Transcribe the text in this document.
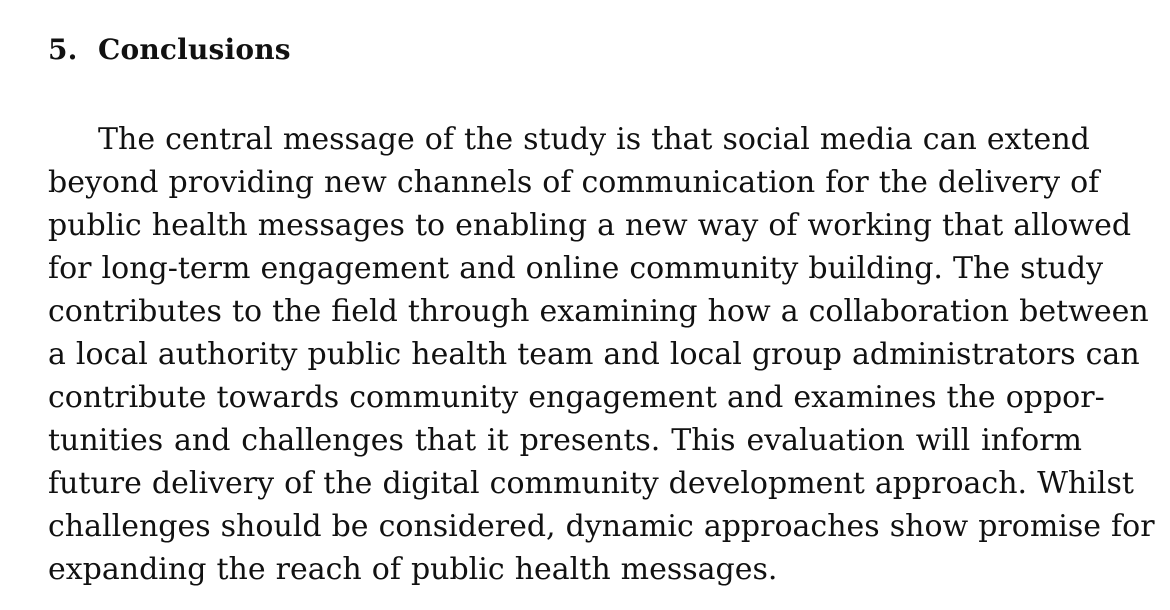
5. Conclusions
The central message of the study is that social media can extend
beyond providing new channels of communication for the delivery of
public health messages to enabling a new way of working that allowed
for long-term engagement and online community building. The study
contributes to the field through examining how a collaboration between
a local authority public health team and local group administrators can
contribute towards community engagement and examines the oppor-
tunities and challenges that it presents. This evaluation will inform
future delivery of the digital community development approach. Whilst
challenges should be considered, dynamic approaches show promise for
expanding the reach of public health messages.
